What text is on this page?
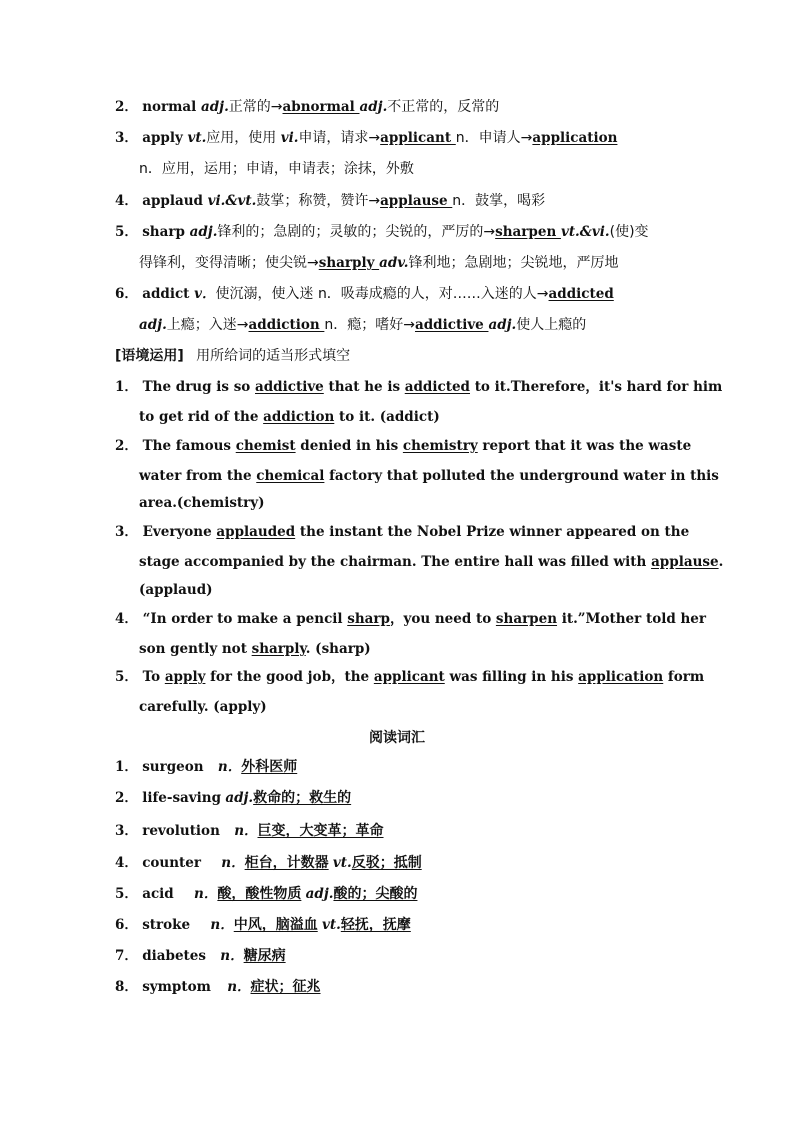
2． normal adj.正常的→abnormal adj.不正常的，反常的
3． apply vt.应用，使用 vi.申请，请求→applicant n．申请人→application
n．应用，运用；申请，申请表；涂抹，外敷
4． applaud vi.&vt.鼓掌；称赞，赞许→applause n．鼓掌，喝彩
5． sharp adj.锋利的；急剧的；灵敏的；尖锐的，严厉的→sharpen vt.&vi.(使)变
得锋利，变得清晰；使尖锐→sharply adv.锋利地；急剧地；尖锐地，严厉地
6． addict v．使沉溺，使入迷 n．吸毒成瘾的人，对……入迷的人→addicted
adj.上瘾；入迷→addiction n．瘾；嗜好→addictive adj.使人上瘾的
[语境运用] 用所给词的适当形式填空
1． The drug is so addictive that he is addicted to it.Therefore，it's hard for him
to get rid of the addiction to it. (addict)
2． The famous chemist denied in his chemistry report that it was the waste
water from the chemical factory that polluted the underground water in this
area.(chemistry)
3． Everyone applauded the instant the Nobel Prize winner appeared on the
stage accompanied by the chairman. The entire hall was filled with applause.
(applaud)
4． “In order to make a pencil sharp，you need to sharpen it.”Mother told her
son gently not sharply. (sharp)
5． To apply for the good job，the applicant was filling in his application form
carefully. (apply)
阅读词汇
1． surgeon n．外科医师
2． life-saving adj.救命的；救生的
3． revolution n．巨变，大变革；革命
4． counter n．柜台，计数器 vt.反驳；抵制
5． acid n．酸，酸性物质 adj.酸的；尖酸的
6． stroke n．中风，脑溢血 vt.轻抚，抚摩
7． diabetes n．糖尿病
8． symptom n．症状；征兆
